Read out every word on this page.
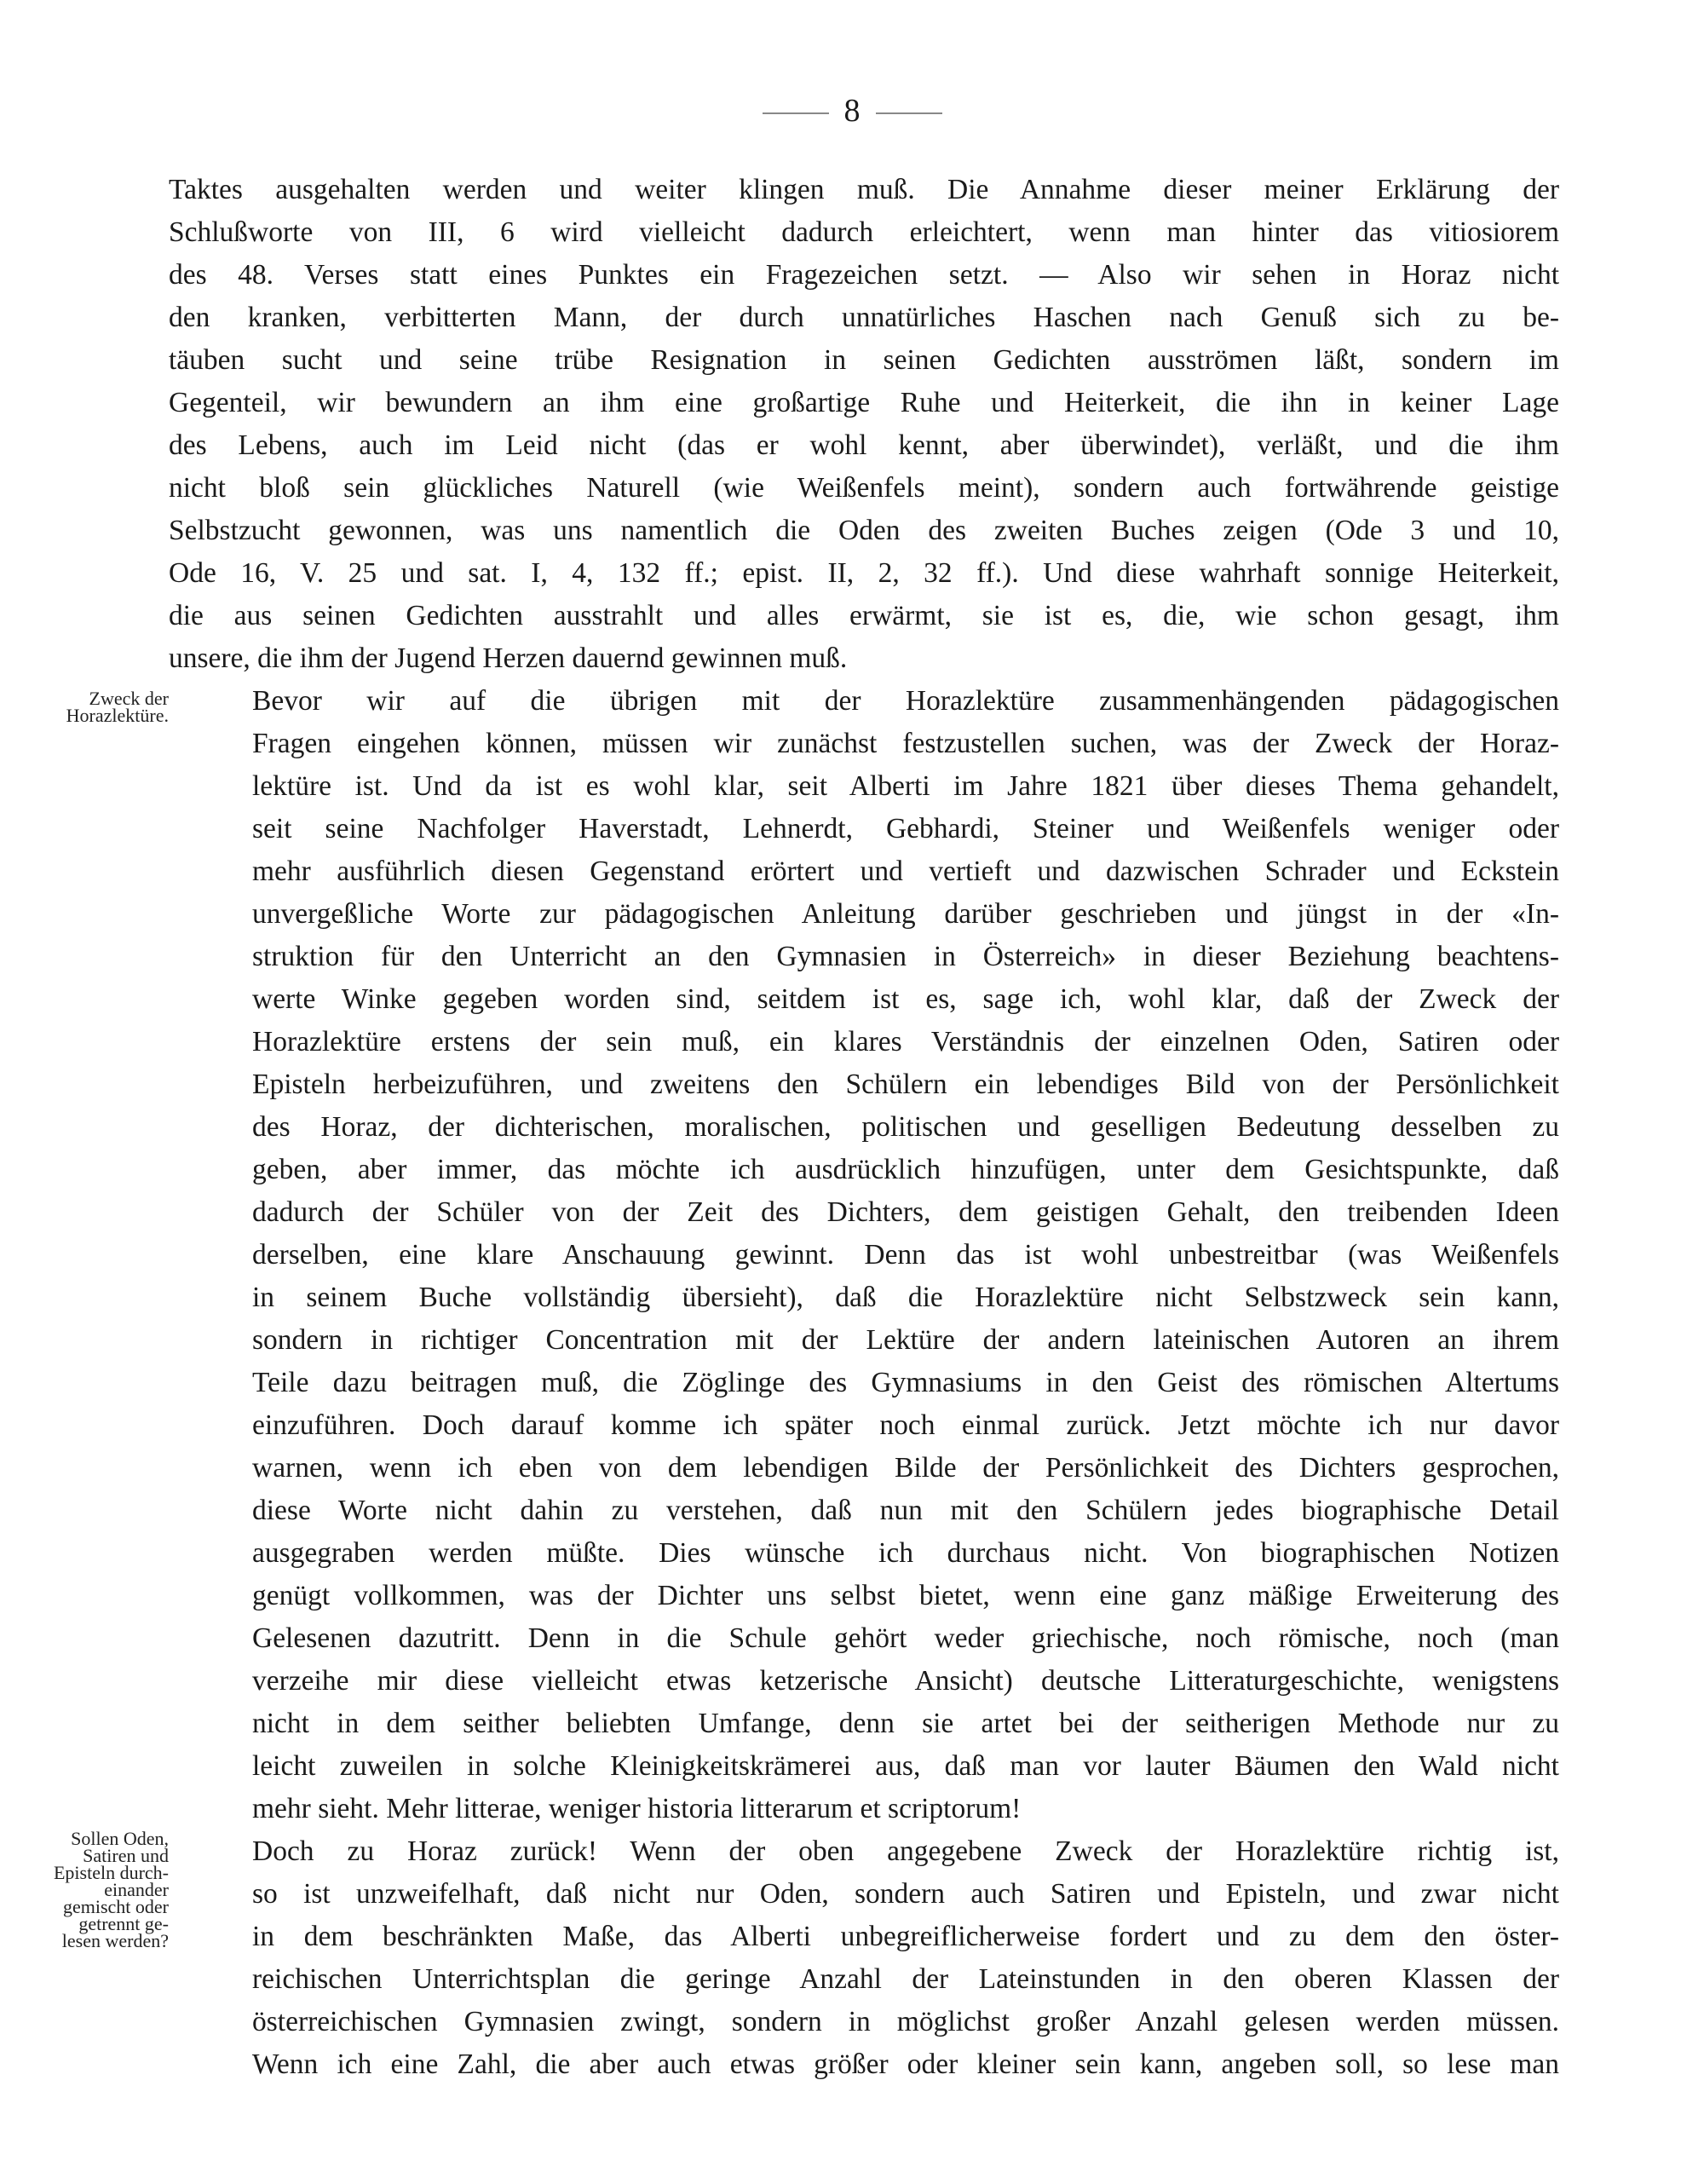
8
Zweck der
Horazlektüre.
Sollen Oden,
Satiren und
Episteln durch-
einander
gemischt oder
getrennt ge-
lesen werden?

Taktes ausgehalten werden und weiter klingen muß. Die Annahme dieser meiner Erklärung der
Schlußworte von III, 6 wird vielleicht dadurch erleichtert, wenn man hinter das vitiosiorem
des 48. Verses statt eines Punktes ein Fragezeichen setzt. — Also wir sehen in Horaz nicht
den kranken, verbitterten Mann, der durch unnatürliches Haschen nach Genuß sich zu be-
täuben sucht und seine trübe Resignation in seinen Gedichten ausströmen läßt, sondern im
Gegenteil, wir bewundern an ihm eine großartige Ruhe und Heiterkeit, die ihn in keiner Lage
des Lebens, auch im Leid nicht (das er wohl kennt, aber überwindet), verläßt, und die ihm
nicht bloß sein glückliches Naturell (wie Weißenfels meint), sondern auch fortwährende geistige
Selbstzucht gewonnen, was uns namentlich die Oden des zweiten Buches zeigen (Ode 3 und 10,
Ode 16, V. 25 und sat. I, 4, 132 ff.; epist. II, 2, 32 ff.). Und diese wahrhaft sonnige Heiterkeit,
die aus seinen Gedichten ausstrahlt und alles erwärmt, sie ist es, die, wie schon gesagt, ihm
unsere, die ihm der Jugend Herzen dauernd gewinnen muß.

Bevor wir auf die übrigen mit der Horazlektüre zusammenhängenden pädagogischen
Fragen eingehen können, müssen wir zunächst festzustellen suchen, was der Zweck der Horaz-
lektüre ist. Und da ist es wohl klar, seit Alberti im Jahre 1821 über dieses Thema gehandelt,
seit seine Nachfolger Haverstadt, Lehnerdt, Gebhardi, Steiner und Weißenfels weniger oder
mehr ausführlich diesen Gegenstand erörtert und vertieft und dazwischen Schrader und Eckstein
unvergeßliche Worte zur pädagogischen Anleitung darüber geschrieben und jüngst in der «In-
struktion für den Unterricht an den Gymnasien in Österreich» in dieser Beziehung beachtens-
werte Winke gegeben worden sind, seitdem ist es, sage ich, wohl klar, daß der Zweck der
Horazlektüre erstens der sein muß, ein klares Verständnis der einzelnen Oden, Satiren oder
Episteln herbeizuführen, und zweitens den Schülern ein lebendiges Bild von der Persönlichkeit
des Horaz, der dichterischen, moralischen, politischen und geselligen Bedeutung desselben zu
geben, aber immer, das möchte ich ausdrücklich hinzufügen, unter dem Gesichtspunkte, daß
dadurch der Schüler von der Zeit des Dichters, dem geistigen Gehalt, den treibenden Ideen
derselben, eine klare Anschauung gewinnt. Denn das ist wohl unbestreitbar (was Weißenfels
in seinem Buche vollständig übersieht), daß die Horazlektüre nicht Selbstzweck sein kann,
sondern in richtiger Concentration mit der Lektüre der andern lateinischen Autoren an ihrem
Teile dazu beitragen muß, die Zöglinge des Gymnasiums in den Geist des römischen Altertums
einzuführen. Doch darauf komme ich später noch einmal zurück. Jetzt möchte ich nur davor
warnen, wenn ich eben von dem lebendigen Bilde der Persönlichkeit des Dichters gesprochen,
diese Worte nicht dahin zu verstehen, daß nun mit den Schülern jedes biographische Detail
ausgegraben werden müßte. Dies wünsche ich durchaus nicht. Von biographischen Notizen
genügt vollkommen, was der Dichter uns selbst bietet, wenn eine ganz mäßige Erweiterung des
Gelesenen dazutritt. Denn in die Schule gehört weder griechische, noch römische, noch (man
verzeihe mir diese vielleicht etwas ketzerische Ansicht) deutsche Litteraturgeschichte, wenigstens
nicht in dem seither beliebten Umfange, denn sie artet bei der seitherigen Methode nur zu
leicht zuweilen in solche Kleinigkeitskrämerei aus, daß man vor lauter Bäumen den Wald nicht
mehr sieht. Mehr litterae, weniger historia litterarum et scriptorum!

Doch zu Horaz zurück! Wenn der oben angegebene Zweck der Horazlektüre richtig ist,
so ist unzweifelhaft, daß nicht nur Oden, sondern auch Satiren und Episteln, und zwar nicht
in dem beschränkten Maße, das Alberti unbegreiflicherweise fordert und zu dem den öster-
reichischen Unterrichtsplan die geringe Anzahl der Lateinstunden in den oberen Klassen der
österreichischen Gymnasien zwingt, sondern in möglichst großer Anzahl gelesen werden müssen.
Wenn ich eine Zahl, die aber auch etwas größer oder kleiner sein kann, angeben soll, so lese man
